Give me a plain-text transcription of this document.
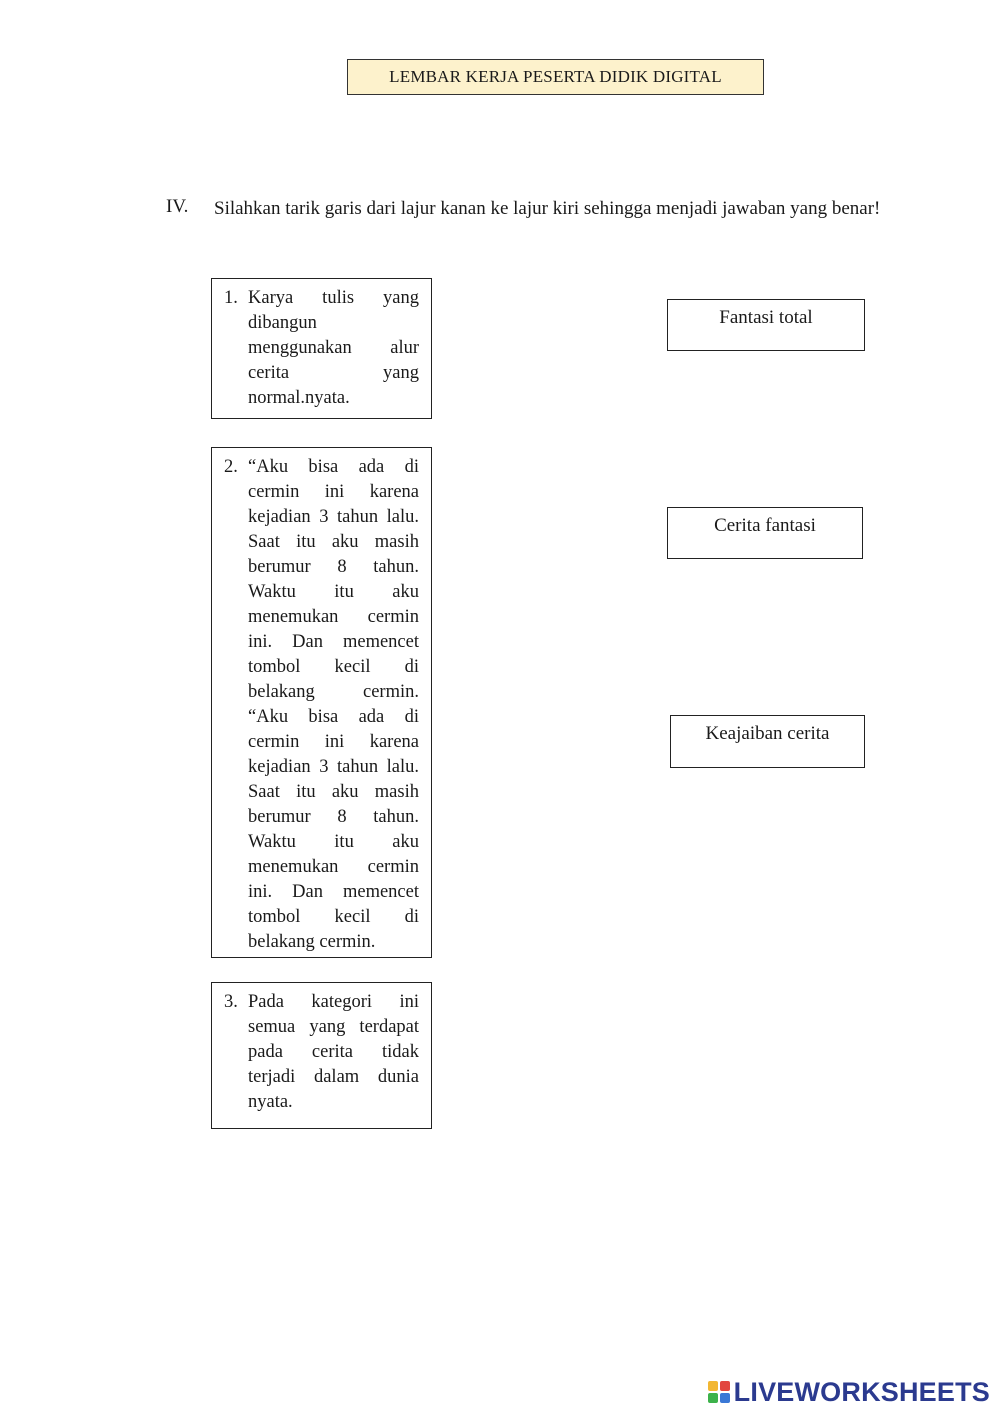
LEMBAR KERJA PESERTA DIDIK DIGITAL
IV. Silahkan tarik garis dari lajur kanan ke lajur kiri sehingga menjadi jawaban yang benar!
1. Karya tulis yang dibangun menggunakan alur cerita yang normal.nyata.
2. “Aku bisa ada di cermin ini karena kejadian 3 tahun lalu. Saat itu aku masih berumur 8 tahun. Waktu itu aku menemukan cermin ini. Dan memencet tombol kecil di belakang cermin. “Aku bisa ada di cermin ini karena kejadian 3 tahun lalu. Saat itu aku masih berumur 8 tahun. Waktu itu aku menemukan cermin ini. Dan memencet tombol kecil di belakang cermin.
3. Pada kategori ini semua yang terdapat pada cerita tidak terjadi dalam dunia nyata.
Fantasi total
Cerita fantasi
Keajaiban cerita
LIVEWORKSHEETS
